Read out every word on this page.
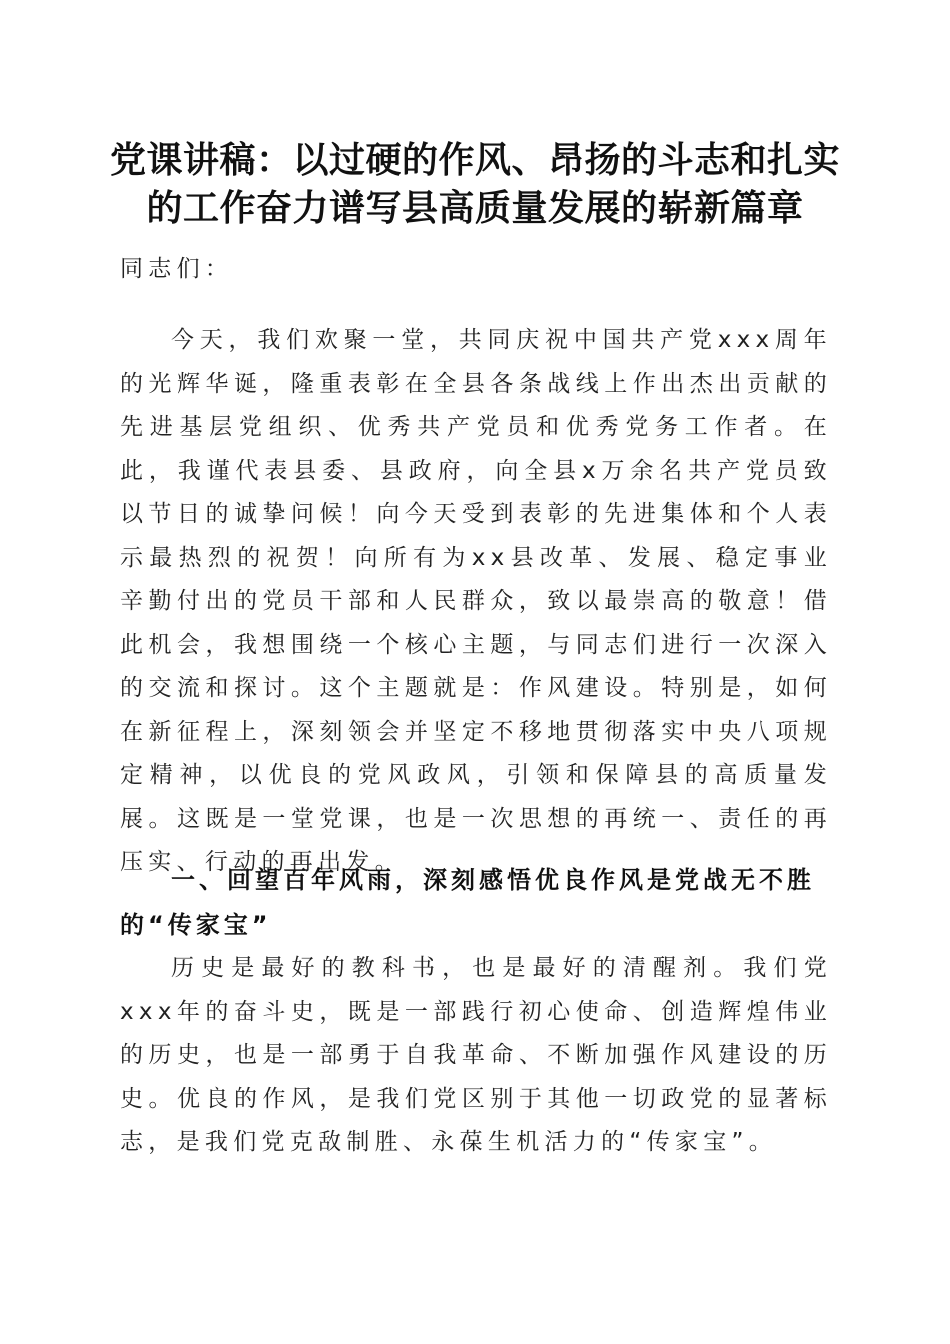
党课讲稿：以过硬的作风、昂扬的斗志和扎实
的工作奋力谱写县高质量发展的崭新篇章

同志们：

今天，我们欢聚一堂，共同庆祝中国共产党xxx周年的光辉华诞，隆重表彰在全县各条战线上作出杰出贡献的先进基层党组织、优秀共产党员和优秀党务工作者。在此，我谨代表县委、县政府，向全县x万余名共产党员致以节日的诚挚问候！向今天受到表彰的先进集体和个人表示最热烈的祝贺！向所有为xx县改革、发展、稳定事业辛勤付出的党员干部和人民群众，致以最崇高的敬意！借此机会，我想围绕一个核心主题，与同志们进行一次深入的交流和探讨。这个主题就是：作风建设。特别是，如何在新征程上，深刻领会并坚定不移地贯彻落实中央八项规定精神，以优良的党风政风，引领和保障县的高质量发展。这既是一堂党课，也是一次思想的再统一、责任的再压实、行动的再出发。

一、回望百年风雨，深刻感悟优良作风是党战无不胜的“传家宝”

历史是最好的教科书，也是最好的清醒剂。我们党xxx年的奋斗史，既是一部践行初心使命、创造辉煌伟业的历史，也是一部勇于自我革命、不断加强作风建设的历史。优良的作风，是我们党区别于其他一切政党的显著标志，是我们党克敌制胜、永葆生机活力的“传家宝”。
